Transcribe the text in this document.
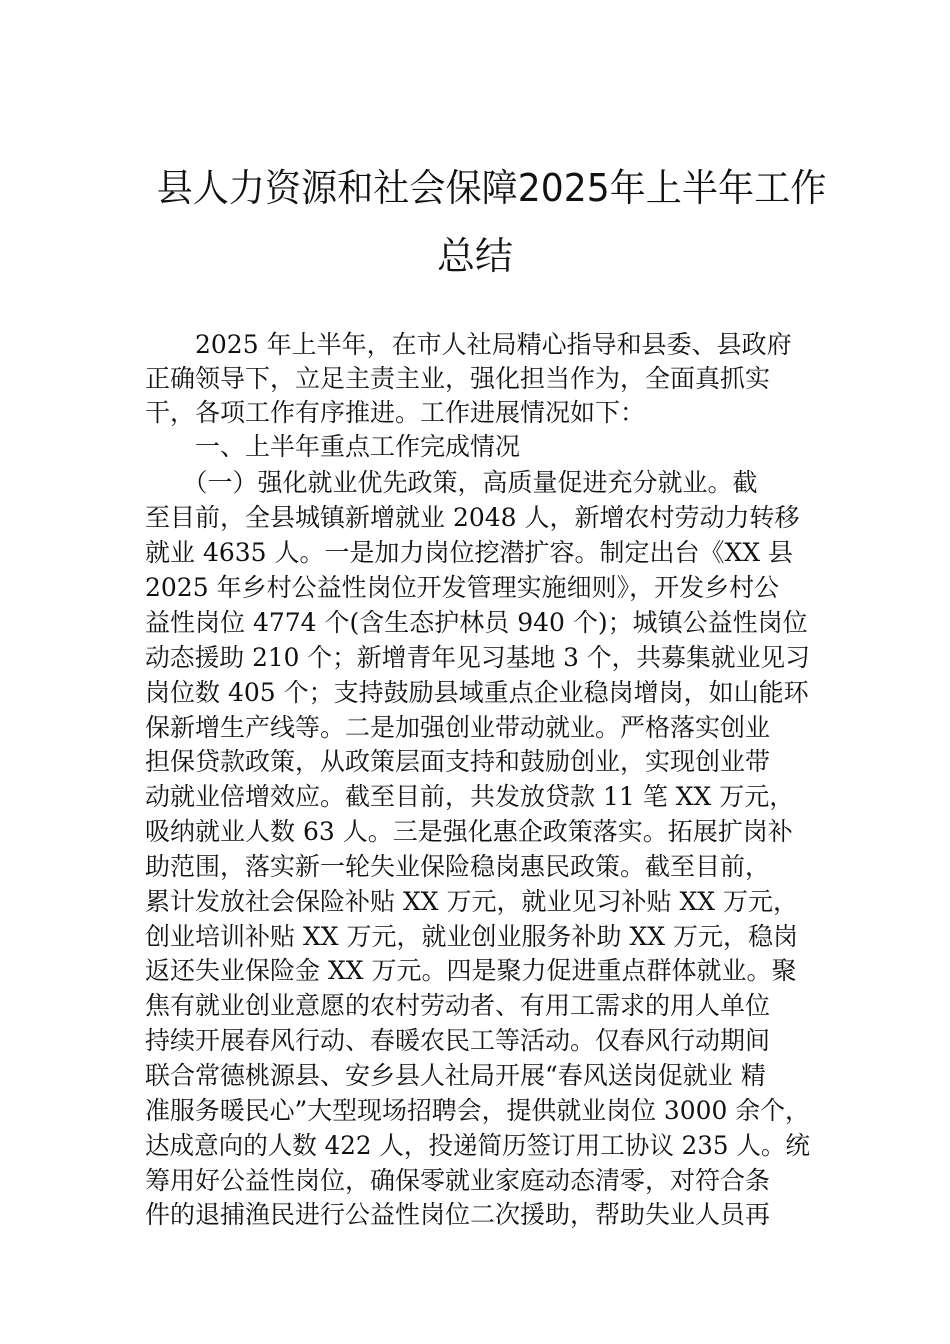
县人力资源和社会保障2025年上半年工作
总结
　　2025 年上半年，在市人社局精心指导和县委、县政府
正确领导下，立足主责主业，强化担当作为，全面真抓实
干，各项工作有序推进。工作进展情况如下：
　　一、上半年重点工作完成情况
　　（一）强化就业优先政策，高质量促进充分就业。截
至目前，全县城镇新增就业 2048 人，新增农村劳动力转移
就业 4635 人。一是加力岗位挖潜扩容。制定出台《XX 县
2025 年乡村公益性岗位开发管理实施细则》，开发乡村公
益性岗位 4774 个(含生态护林员 940 个)；城镇公益性岗位
动态援助 210 个；新增青年见习基地 3 个，共募集就业见习
岗位数 405 个；支持鼓励县域重点企业稳岗增岗，如山能环
保新增生产线等。二是加强创业带动就业。严格落实创业
担保贷款政策，从政策层面支持和鼓励创业，实现创业带
动就业倍增效应。截至目前，共发放贷款 11 笔 XX 万元，
吸纳就业人数 63 人。三是强化惠企政策落实。拓展扩岗补
助范围，落实新一轮失业保险稳岗惠民政策。截至目前，
累计发放社会保险补贴 XX 万元，就业见习补贴 XX 万元，
创业培训补贴 XX 万元，就业创业服务补助 XX 万元，稳岗
返还失业保险金 XX 万元。四是聚力促进重点群体就业。聚
焦有就业创业意愿的农村劳动者、有用工需求的用人单位
持续开展春风行动、春暖农民工等活动。仅春风行动期间
联合常德桃源县、安乡县人社局开展“春风送岗促就业 精
准服务暖民心”大型现场招聘会，提供就业岗位 3000 余个，
达成意向的人数 422 人，投递简历签订用工协议 235 人。统
筹用好公益性岗位，确保零就业家庭动态清零，对符合条
件的退捕渔民进行公益性岗位二次援助，帮助失业人员再
